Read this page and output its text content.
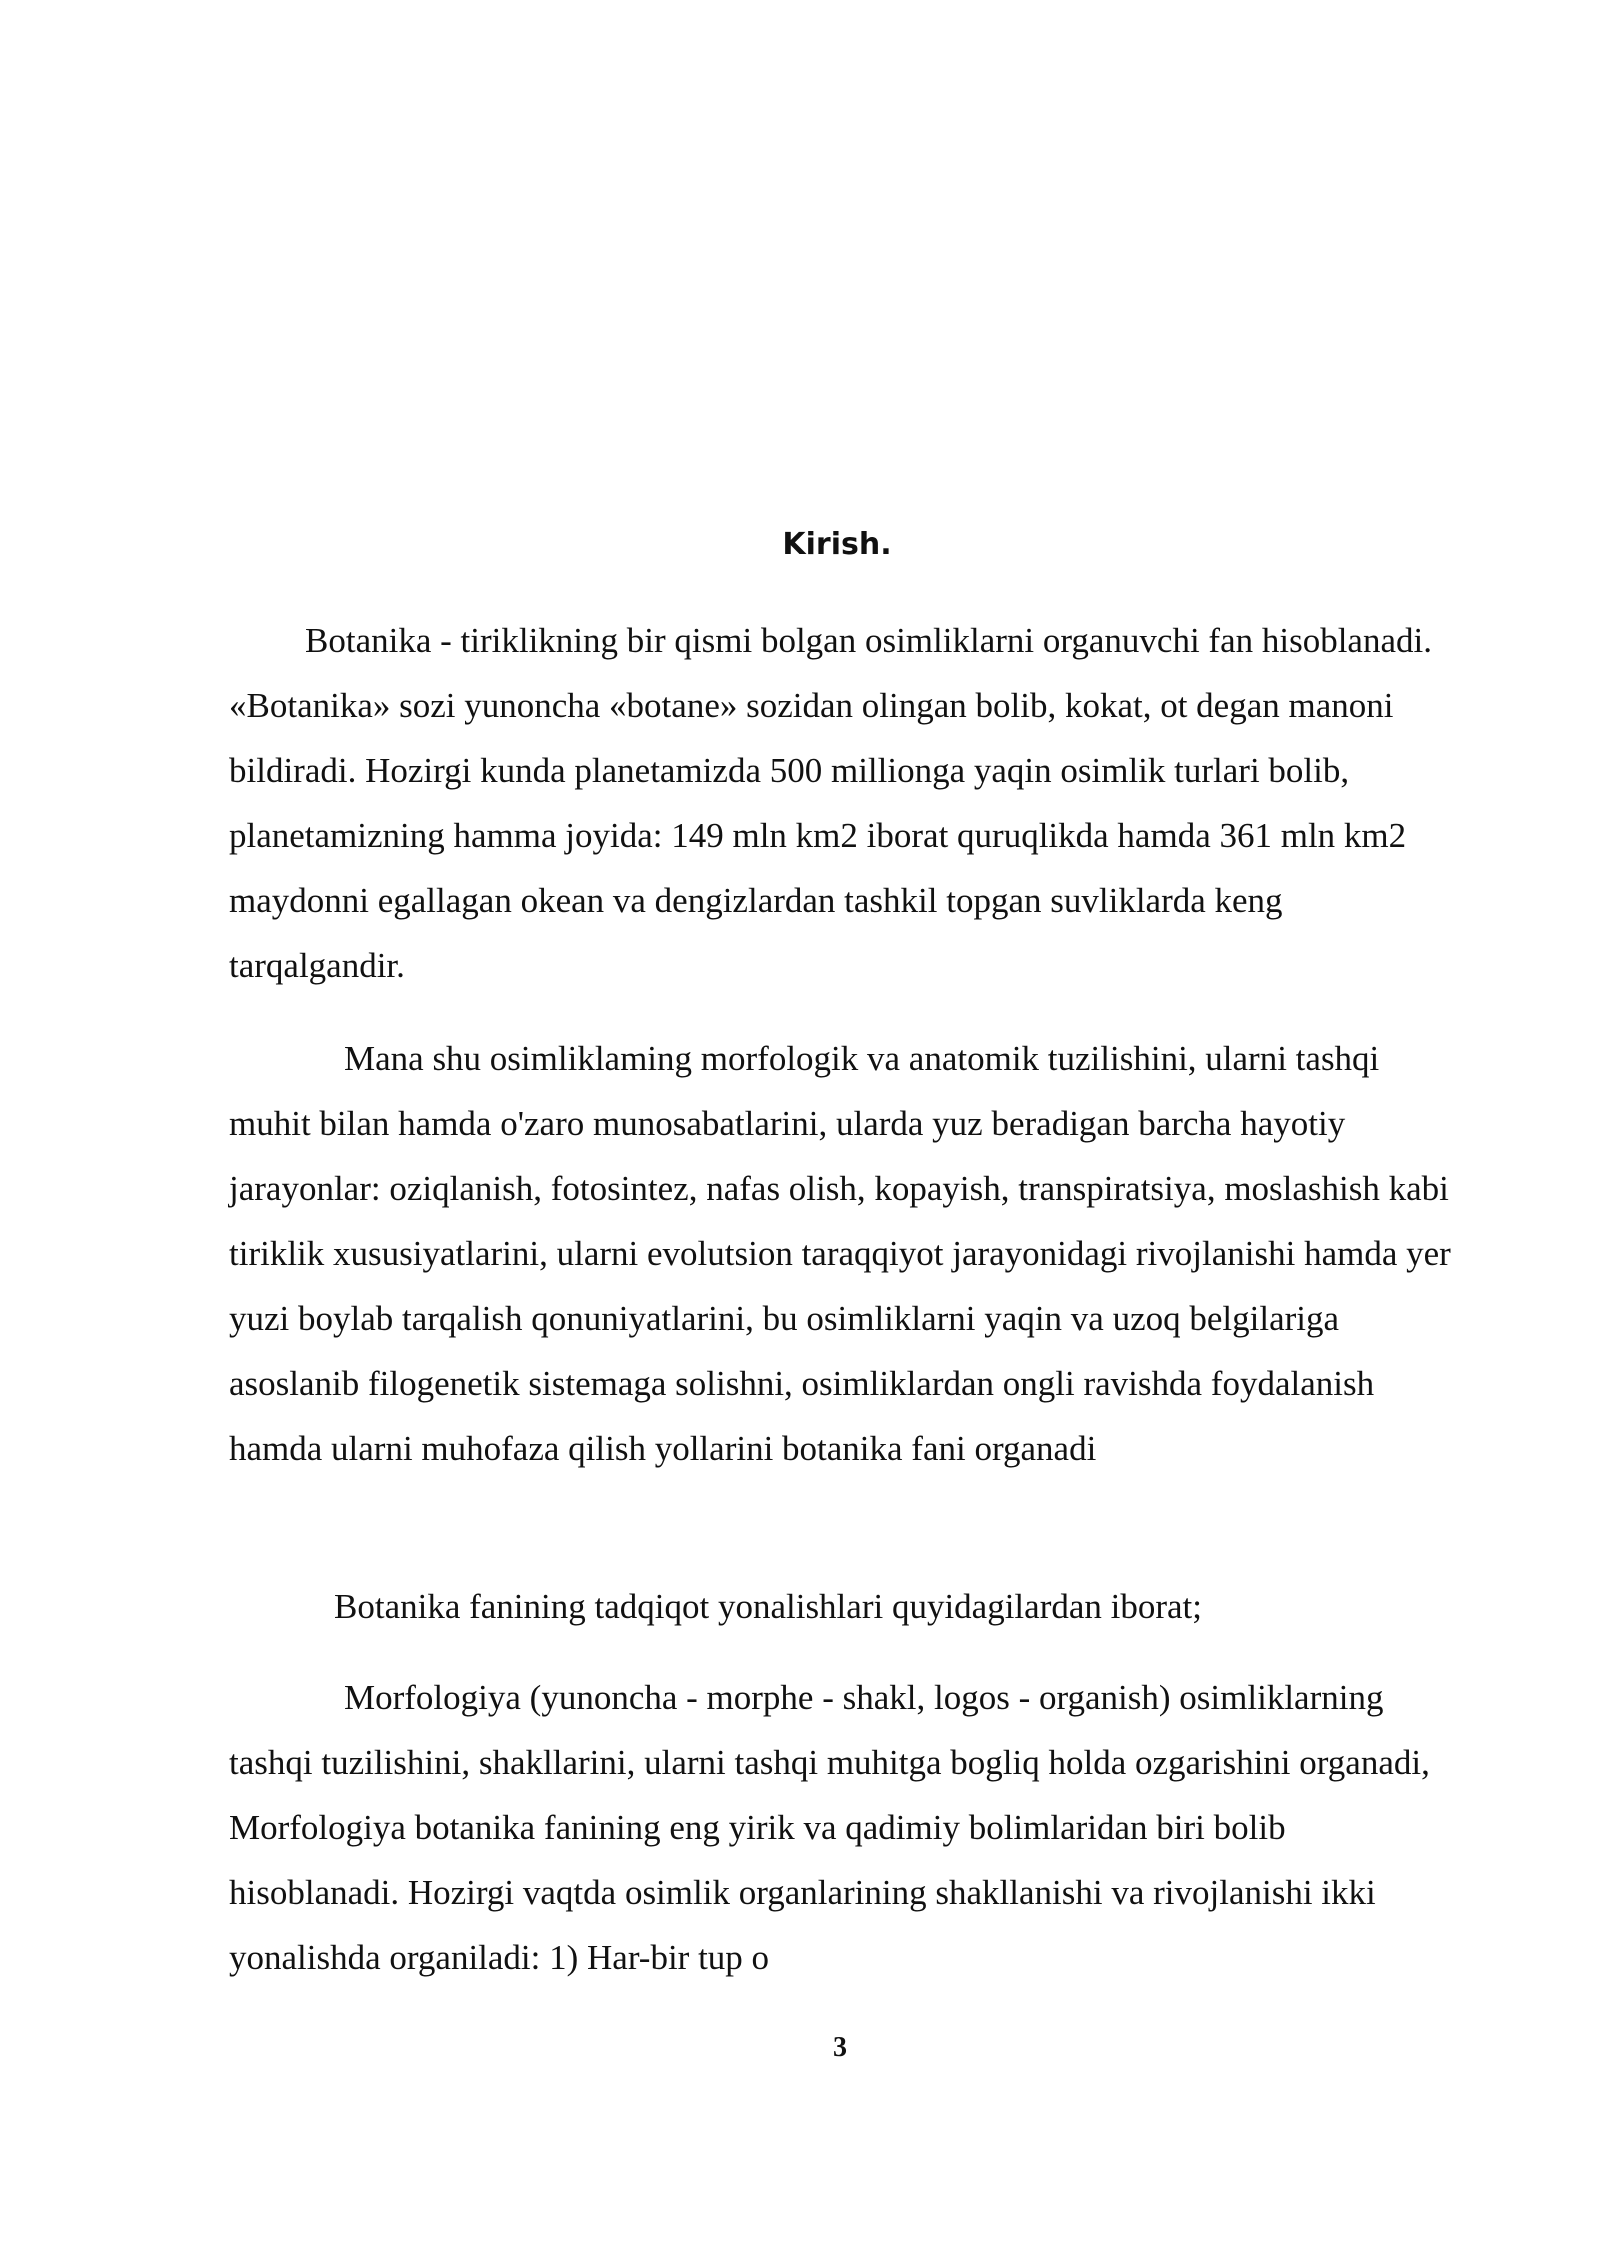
Kirish.

Botanika - tiriklikning bir qismi bolgan osimliklarni organuvchi fan hisoblanadi. «Botanika» sozi yunoncha «botane» sozidan olingan bolib, kokat, ot degan manoni bildiradi. Hozirgi kunda planetamizda 500 millionga yaqin osimlik turlari bolib, planetamizning hamma joyida: 149 mln km2 iborat quruqlikda hamda 361 mln km2 maydonni egallagan okean va dengizlardan tashkil topgan suvliklarda keng tarqalgandir.

Mana shu osimliklaming morfologik va anatomik tuzilishini, ularni tashqi muhit bilan hamda o'zaro munosabatlarini, ularda yuz beradigan barcha hayotiy jarayonlar: oziqlanish, fotosintez, nafas olish, kopayish, transpiratsiya, moslashish kabi tiriklik xususiyatlarini, ularni evolutsion taraqqiyot jarayonidagi rivojlanishi hamda yer yuzi boylab tarqalish qonuniyatlarini, bu osimliklarni yaqin va uzoq belgilariga asoslanib filogenetik sistemaga solishni, osimliklardan ongli ravishda foydalanish hamda ularni muhofaza qilish yollarini botanika fani organadi

Botanika fanining tadqiqot yonalishlari quyidagilardan iborat;

Morfologiya (yunoncha - morphe - shakl, logos - organish) osimliklarning tashqi tuzilishini, shakllarini, ularni tashqi muhitga bogliq holda ozgarishini organadi, Morfologiya botanika fanining eng yirik va qadimiy bolimlaridan biri bolib hisoblanadi. Hozirgi vaqtda osimlik organlarining shakllanishi va rivojlanishi ikki yonalishda organiladi: 1) Har-bir tup o

3
